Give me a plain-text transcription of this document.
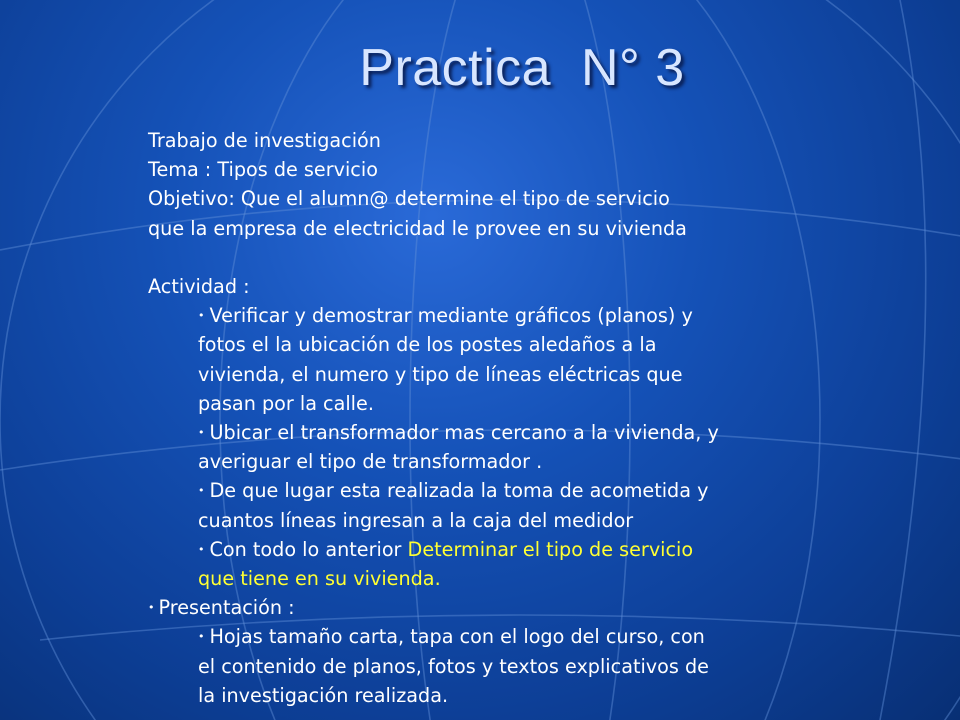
Practica  N° 3
Trabajo de investigación
Tema : Tipos de servicio
Objetivo: Que el alumn@ determine el tipo de servicio
que la empresa de electricidad le provee en su vivienda
Actividad :
• Verificar y demostrar mediante gráficos (planos) y
fotos el la ubicación de los postes aledaños a la
vivienda, el numero y tipo de líneas eléctricas que
pasan por la calle.
• Ubicar el transformador mas cercano a la vivienda, y
averiguar el tipo de transformador .
• De que lugar esta realizada la toma de acometida y
cuantos líneas ingresan a la caja del medidor
• Con todo lo anterior Determinar el tipo de servicio
que tiene en su vivienda.
• Presentación :
• Hojas tamaño carta, tapa con el logo del curso, con
el contenido de planos, fotos y textos explicativos de
la investigación realizada.
